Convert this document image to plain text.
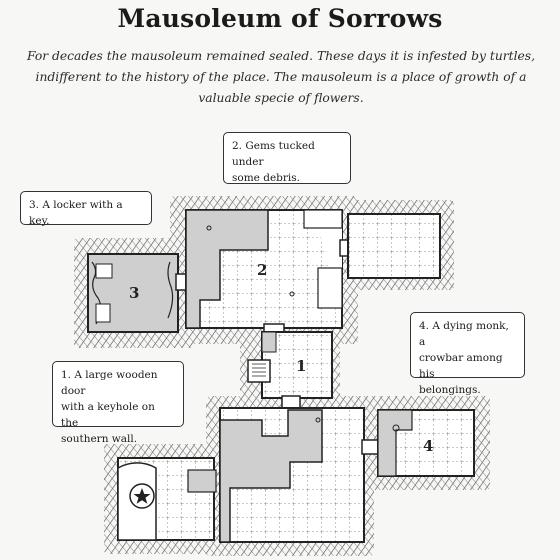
Mausoleum of Sorrows
For decades the mausoleum remained sealed. These days it is infested by turtles, indifferent to the history of the place. The mausoleum is a place of growth of a valuable specie of flowers.
3
2
1
4
2. Gems tucked under
some debris.
3. A locker with a key.
4. A dying monk, a
crowbar among his
belongings.
1. A large wooden door
with a keyhole on the
southern wall.
